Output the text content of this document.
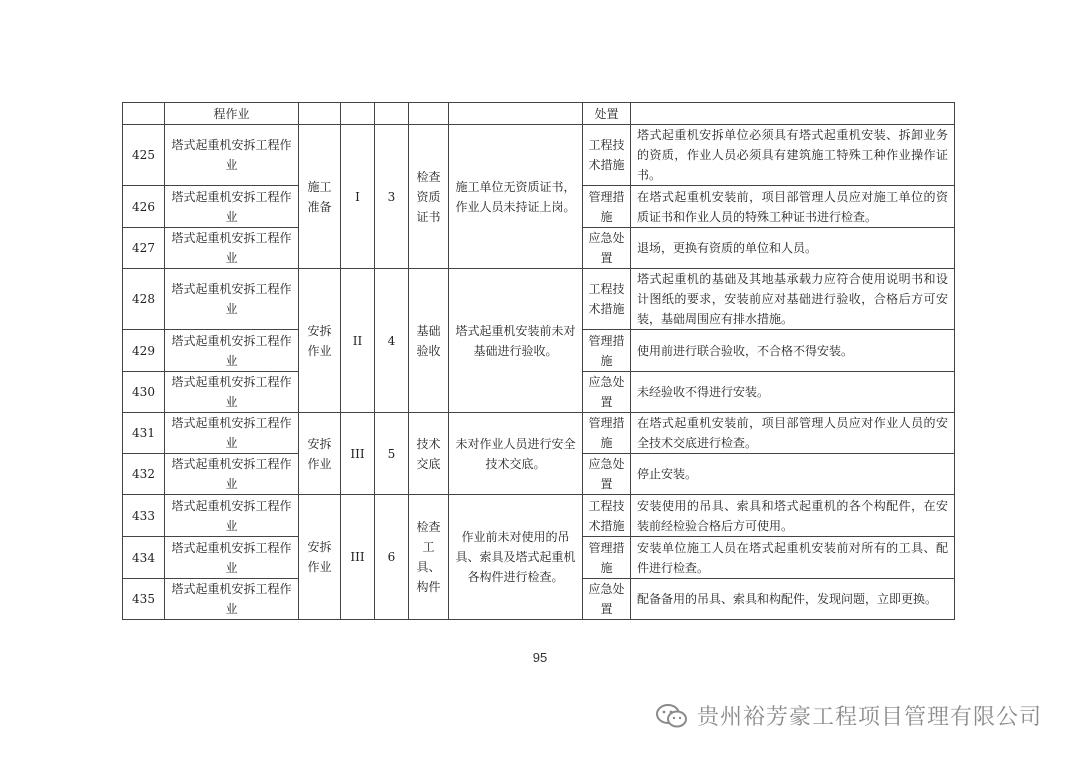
	程作业						处置	
425	塔式起重机安拆工程作业	施工准备	I	3	检查资质证书	施工单位无资质证书，作业人员未持证上岗。	工程技术措施	塔式起重机安拆单位必须具有塔式起重机安装、拆卸业务的资质，作业人员必须具有建筑施工特殊工种作业操作证书。
426	塔式起重机安拆工程作业						管理措施	在塔式起重机安装前，项目部管理人员应对施工单位的资质证书和作业人员的特殊工种证书进行检查。
427	塔式起重机安拆工程作业						应急处置	退场，更换有资质的单位和人员。
428	塔式起重机安拆工程作业	安拆作业	II	4	基础验收	塔式起重机安装前未对基础进行验收。	工程技术措施	塔式起重机的基础及其地基承载力应符合使用说明书和设计图纸的要求，安装前应对基础进行验收，合格后方可安装，基础周围应有排水措施。
429	塔式起重机安拆工程作业						管理措施	使用前进行联合验收，不合格不得安装。
430	塔式起重机安拆工程作业						应急处置	未经验收不得进行安装。
431	塔式起重机安拆工程作业	安拆作业	III	5	技术交底	未对作业人员进行安全技术交底。	管理措施	在塔式起重机安装前，项目部管理人员应对作业人员的安全技术交底进行检查。
432	塔式起重机安拆工程作业						应急处置	停止安装。
433	塔式起重机安拆工程作业	安拆作业	III	6	检查工具、构件	作业前未对使用的吊具、索具及塔式起重机各构件进行检查。	工程技术措施	安装使用的吊具、索具和塔式起重机的各个构配件，在安装前经检验合格后方可使用。
434	塔式起重机安拆工程作业						管理措施	安装单位施工人员在塔式起重机安装前对所有的工具、配件进行检查。
435	塔式起重机安拆工程作业						应急处置	配备备用的吊具、索具和构配件，发现问题，立即更换。
95
贵州裕芳豪工程项目管理有限公司
